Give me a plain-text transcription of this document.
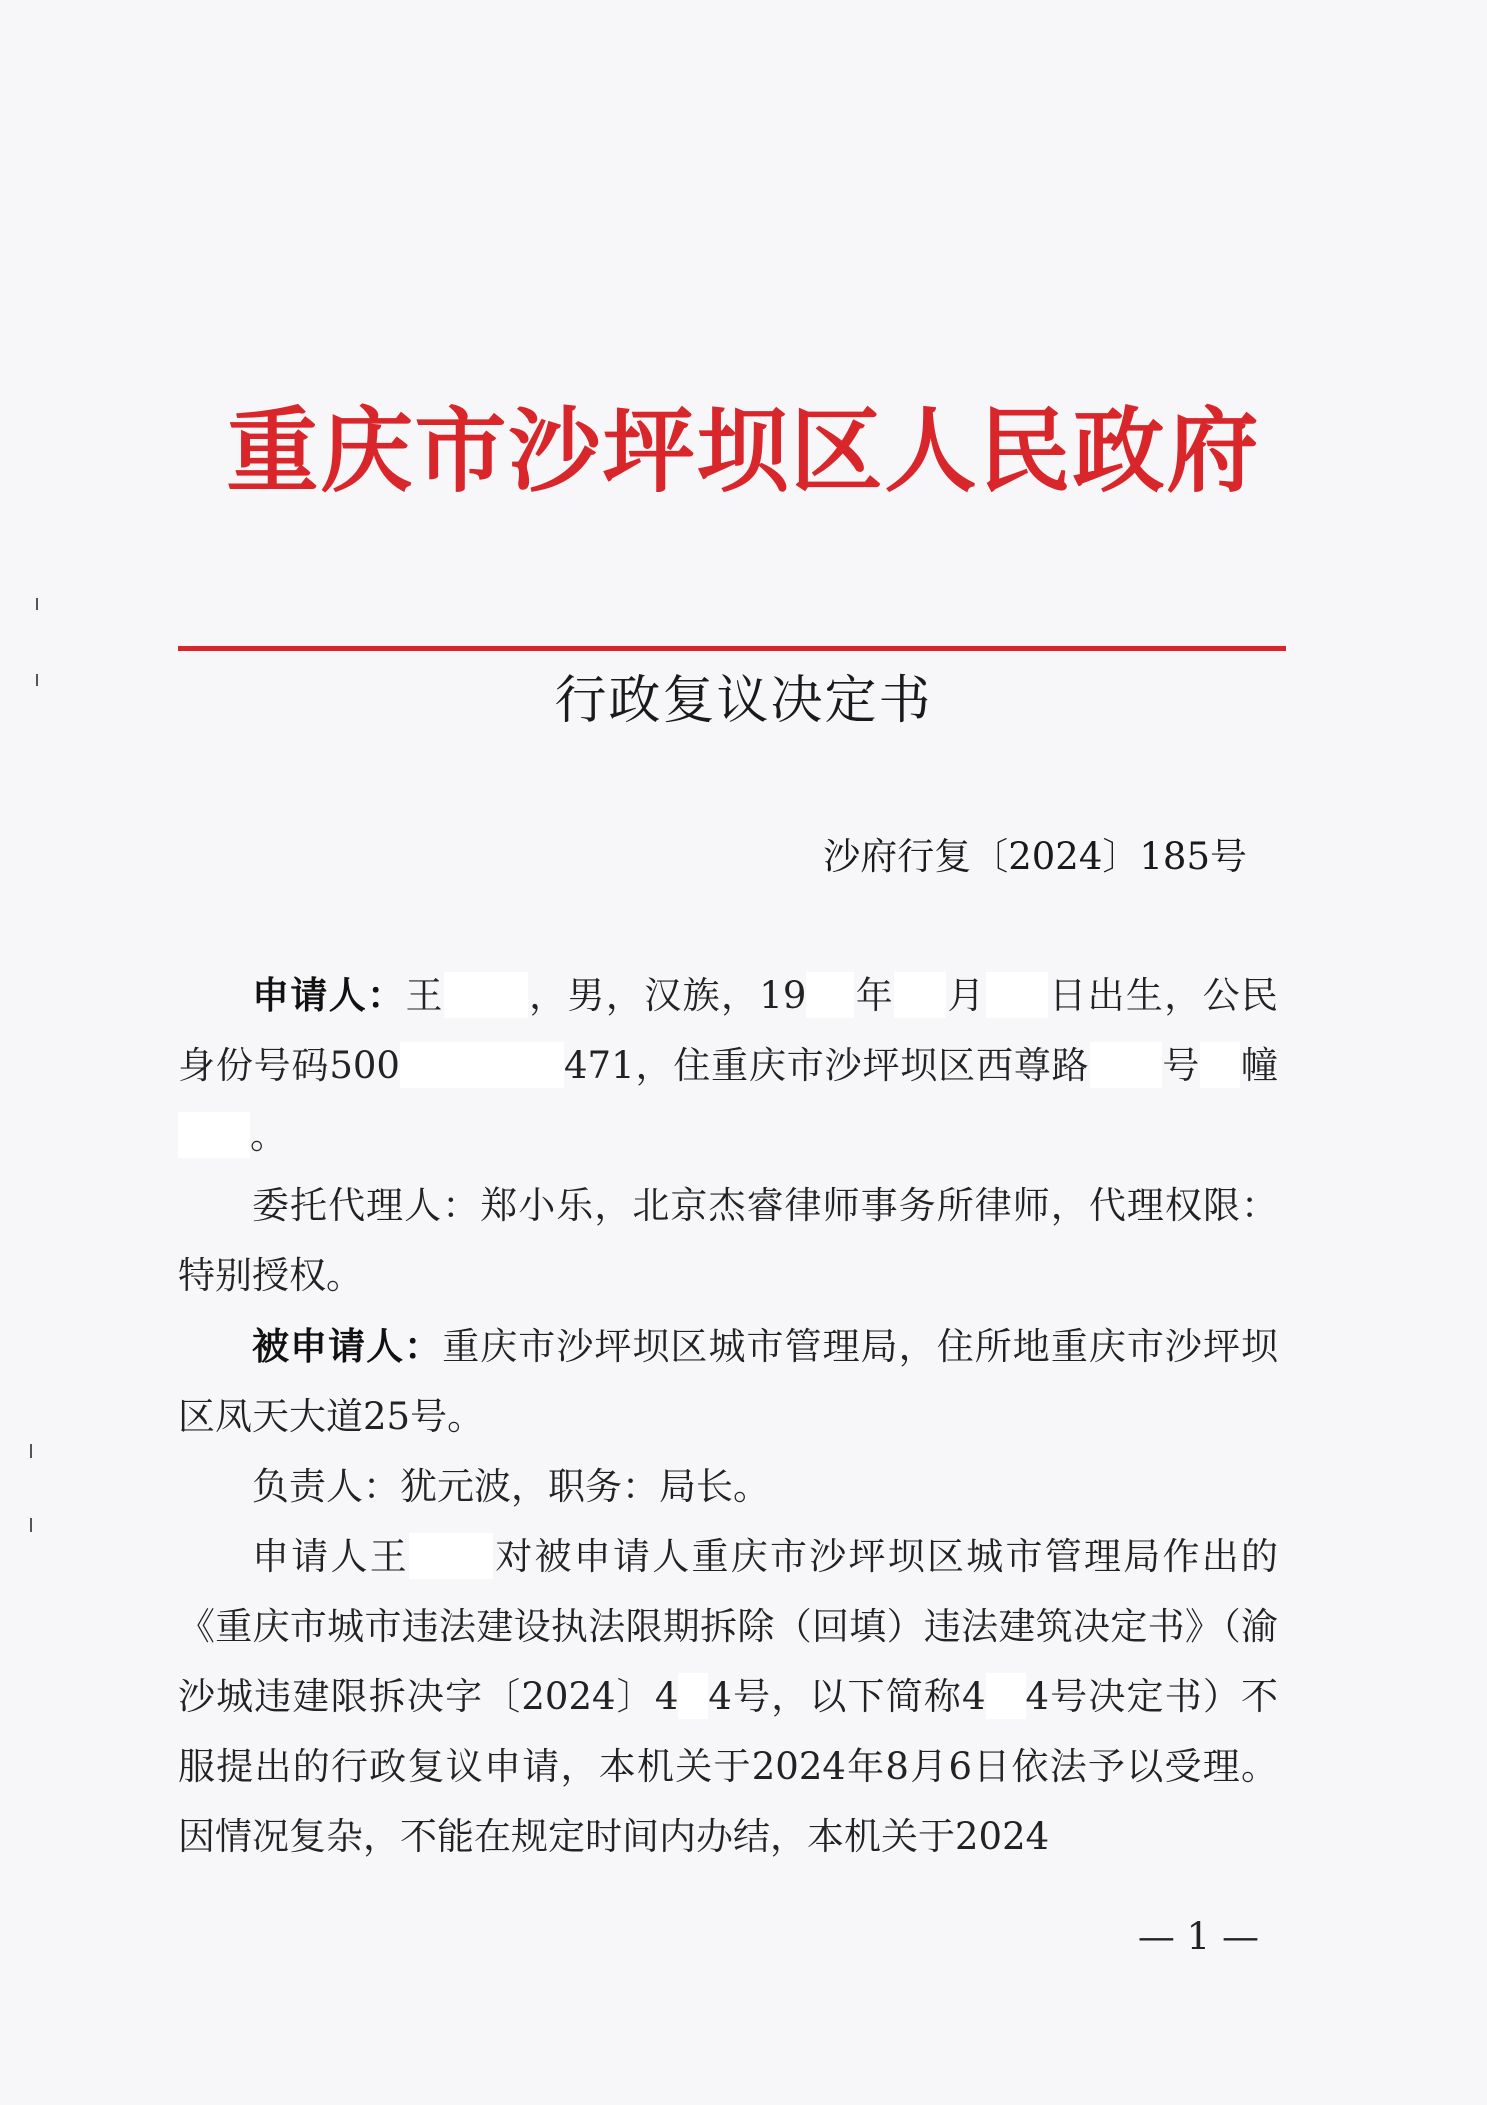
重庆市沙坪坝区人民政府
行政复议决定书
沙府行复〔2024〕185号

申请人：王 ，男，汉族，19 年 月 日出生，公民身份号码500	471，住重庆市沙坪坝区西尊路 号 幢。

委托代理人：郑小乐，北京杰睿律师事务所律师，代理权限：特别授权。

被申请人：重庆市沙坪坝区城市管理局，住所地重庆市沙坪坝区凤天大道25号。

负责人：犹元波，职务：局长。

申请人王 对被申请人重庆市沙坪坝区城市管理局作出的《重庆市城市违法建设执法限期拆除（回填）违法建筑决定书》（渝沙城违建限拆决字〔2024〕4 4号，以下简称4 4号决定书）不服提出的行政复议申请，本机关于2024年8月6日依法予以受理。因情况复杂，不能在规定时间内办结，本机关于2024

— 1 —
